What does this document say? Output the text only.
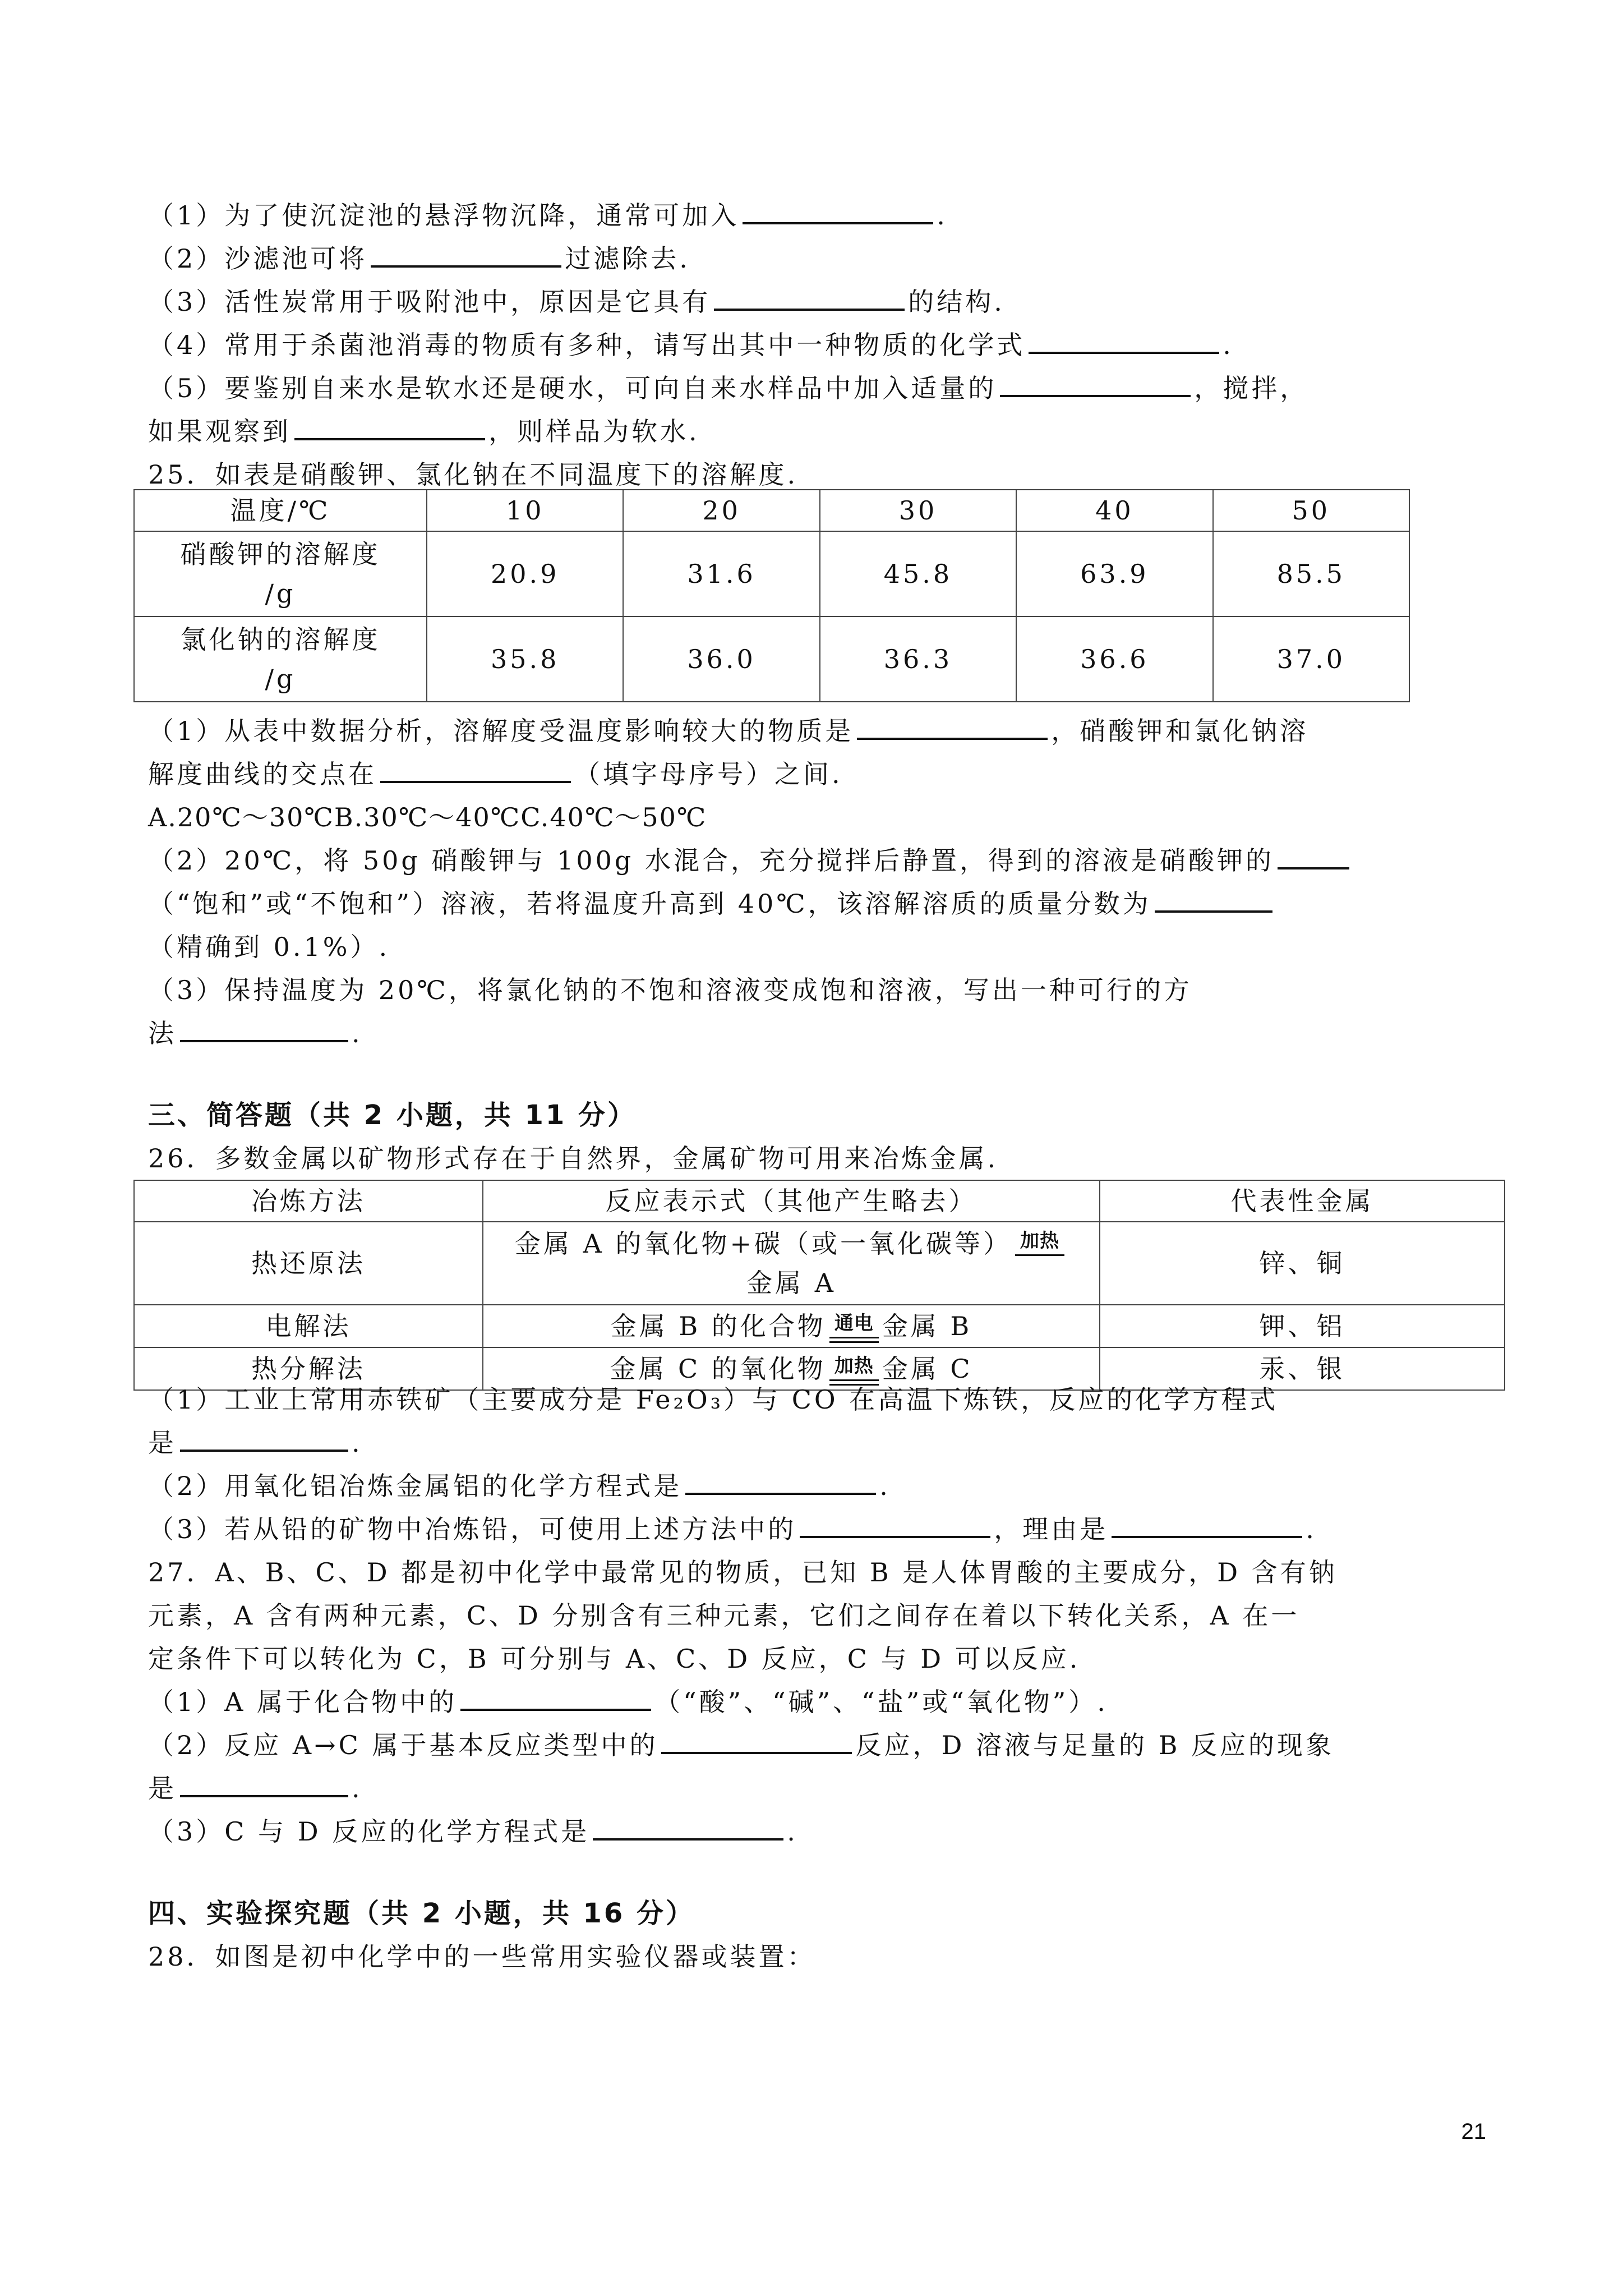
（1）为了使沉淀池的悬浮物沉降，通常可加入	.
（2）沙滤池可将	过滤除去.
（3）活性炭常用于吸附池中，原因是它具有	的结构.
（4）常用于杀菌池消毒的物质有多种，请写出其中一种物质的化学式	.
（5）要鉴别自来水是软水还是硬水，可向自来水样品中加入适量的	，搅拌，
如果观察到	，则样品为软水.
25．如表是硝酸钾、氯化钠在不同温度下的溶解度.
温度/℃	10	20	30	40	50

硝酸钾的溶解度
/g	20.9	31.6	45.8	63.9	85.5

氯化钠的溶解度
/g	35.8	36.0	36.3	36.6	37.0
（1）从表中数据分析，溶解度受温度影响较大的物质是	，硝酸钾和氯化钠溶
解度曲线的交点在	（填字母序号）之间.
A.20℃～30℃B.30℃～40℃C.40℃～50℃
（2）20℃，将 50g 硝酸钾与 100g 水混合，充分搅拌后静置，得到的溶液是硝酸钾的
（“饱和”或“不饱和”）溶液，若将温度升高到 40℃，该溶解溶质的质量分数为
（精确到 0.1%）.
（3）保持温度为 20℃，将氯化钠的不饱和溶液变成饱和溶液，写出一种可行的方
法	.
三、简答题（共 2 小题，共 11 分）
26．多数金属以矿物形式存在于自然界，金属矿物可用来冶炼金属.
冶炼方法	反应表示式（其他产生略去）	代表性金属
热还原法	金属 A 的氧化物+碳（或一氧化碳等） 加热
金属 A	锌、铜
电解法	金属 B 的化合物 通电 金属 B	钾、铝
热分解法	金属 C 的氧化物 加热 金属 C	汞、银
（1）工业上常用赤铁矿（主要成分是 Fe₂O₃）与 CO 在高温下炼铁，反应的化学方程式
是	.
（2）用氧化铝冶炼金属铝的化学方程式是	.
（3）若从铅的矿物中冶炼铅，可使用上述方法中的	，理由是	.
27．A、B、C、D 都是初中化学中最常见的物质，已知 B 是人体胃酸的主要成分，D 含有钠
元素，A 含有两种元素，C、D 分别含有三种元素，它们之间存在着以下转化关系，A 在一
定条件下可以转化为 C，B 可分别与 A、C、D 反应，C 与 D 可以反应.
（1）A 属于化合物中的	（“酸”、“碱”、“盐”或“氧化物”）.
（2）反应 A→C 属于基本反应类型中的	反应，D 溶液与足量的 B 反应的现象
是	.
（3）C 与 D 反应的化学方程式是	.
四、实验探究题（共 2 小题，共 16 分）
28．如图是初中化学中的一些常用实验仪器或装置：
21
